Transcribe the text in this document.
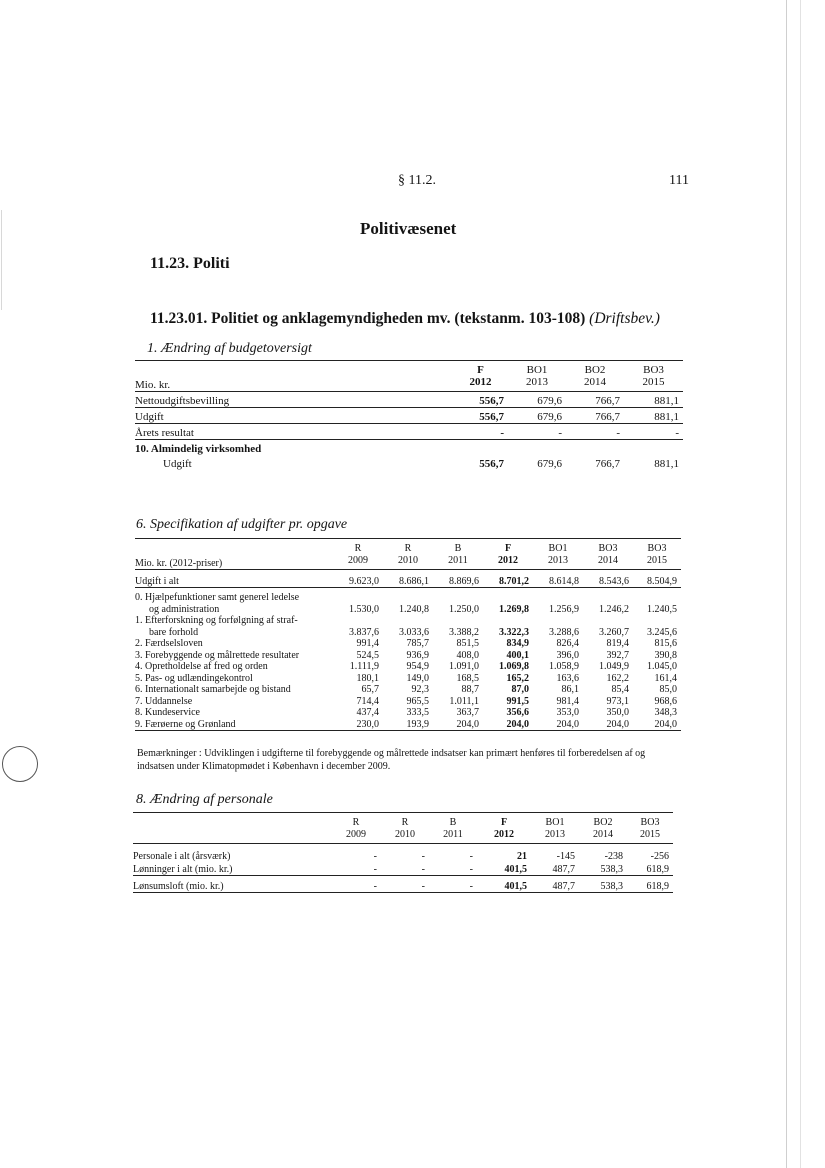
§ 11.2.	111
Politivæsenet
11.23. Politi
11.23.01. Politiet og anklagemyndigheden mv. (tekstanm. 103-108) (Driftsbev.)
1. Ændring af budgetoversigt
	F	BO1	BO2	BO3
Mio. kr.	2012	2013	2014	2015
Nettoudgiftsbevilling	556,7	679,6	766,7	881,1
Udgift	556,7	679,6	766,7	881,1
Årets resultat	-	-	-	-
10. Almindelig virksomhed				
Udgift	556,7	679,6	766,7	881,1
6. Specifikation af udgifter pr. opgave
	R	R	B	F	BO1	BO3	BO3
Mio. kr. (2012-priser)	2009	2010	2011	2012	2013	2014	2015
Udgift i alt	9.623,0	8.686,1	8.869,6	8.701,2	8.614,8	8.543,6	8.504,9
0. Hjælpefunktioner samt generel ledelse							
og administration	1.530,0	1.240,8	1.250,0	1.269,8	1.256,9	1.246,2	1.240,5
1. Efterforskning og forfølgning af straf-							
bare forhold	3.837,6	3.033,6	3.388,2	3.322,3	3.288,6	3.260,7	3.245,6
2. Færdselsloven	991,4	785,7	851,5	834,9	826,4	819,4	815,6
3. Forebyggende og målrettede resultater	524,5	936,9	408,0	400,1	396,0	392,7	390,8
4. Opretholdelse af fred og orden	1.111,9	954,9	1.091,0	1.069,8	1.058,9	1.049,9	1.045,0
5. Pas- og udlændingekontrol	180,1	149,0	168,5	165,2	163,6	162,2	161,4
6. Internationalt samarbejde og bistand	65,7	92,3	88,7	87,0	86,1	85,4	85,0
7. Uddannelse	714,4	965,5	1.011,1	991,5	981,4	973,1	968,6
8. Kundeservice	437,4	333,5	363,7	356,6	353,0	350,0	348,3
9. Færøerne og Grønland	230,0	193,9	204,0	204,0	204,0	204,0	204,0
Bemærkninger : Udviklingen i udgifterne til forebyggende og målrettede indsatser kan primært henføres til forberedelsen af og indsatsen under Klimatopmødet i København i december 2009.
8. Ændring af personale
	R	R	B	F	BO1	BO2	BO3
	2009	2010	2011	2012	2013	2014	2015
Personale i alt (årsværk)	-	-	-	21	-145	-238	-256
Lønninger i alt (mio. kr.)	-	-	-	401,5	487,7	538,3	618,9
Lønsumsloft (mio. kr.)	-	-	-	401,5	487,7	538,3	618,9
